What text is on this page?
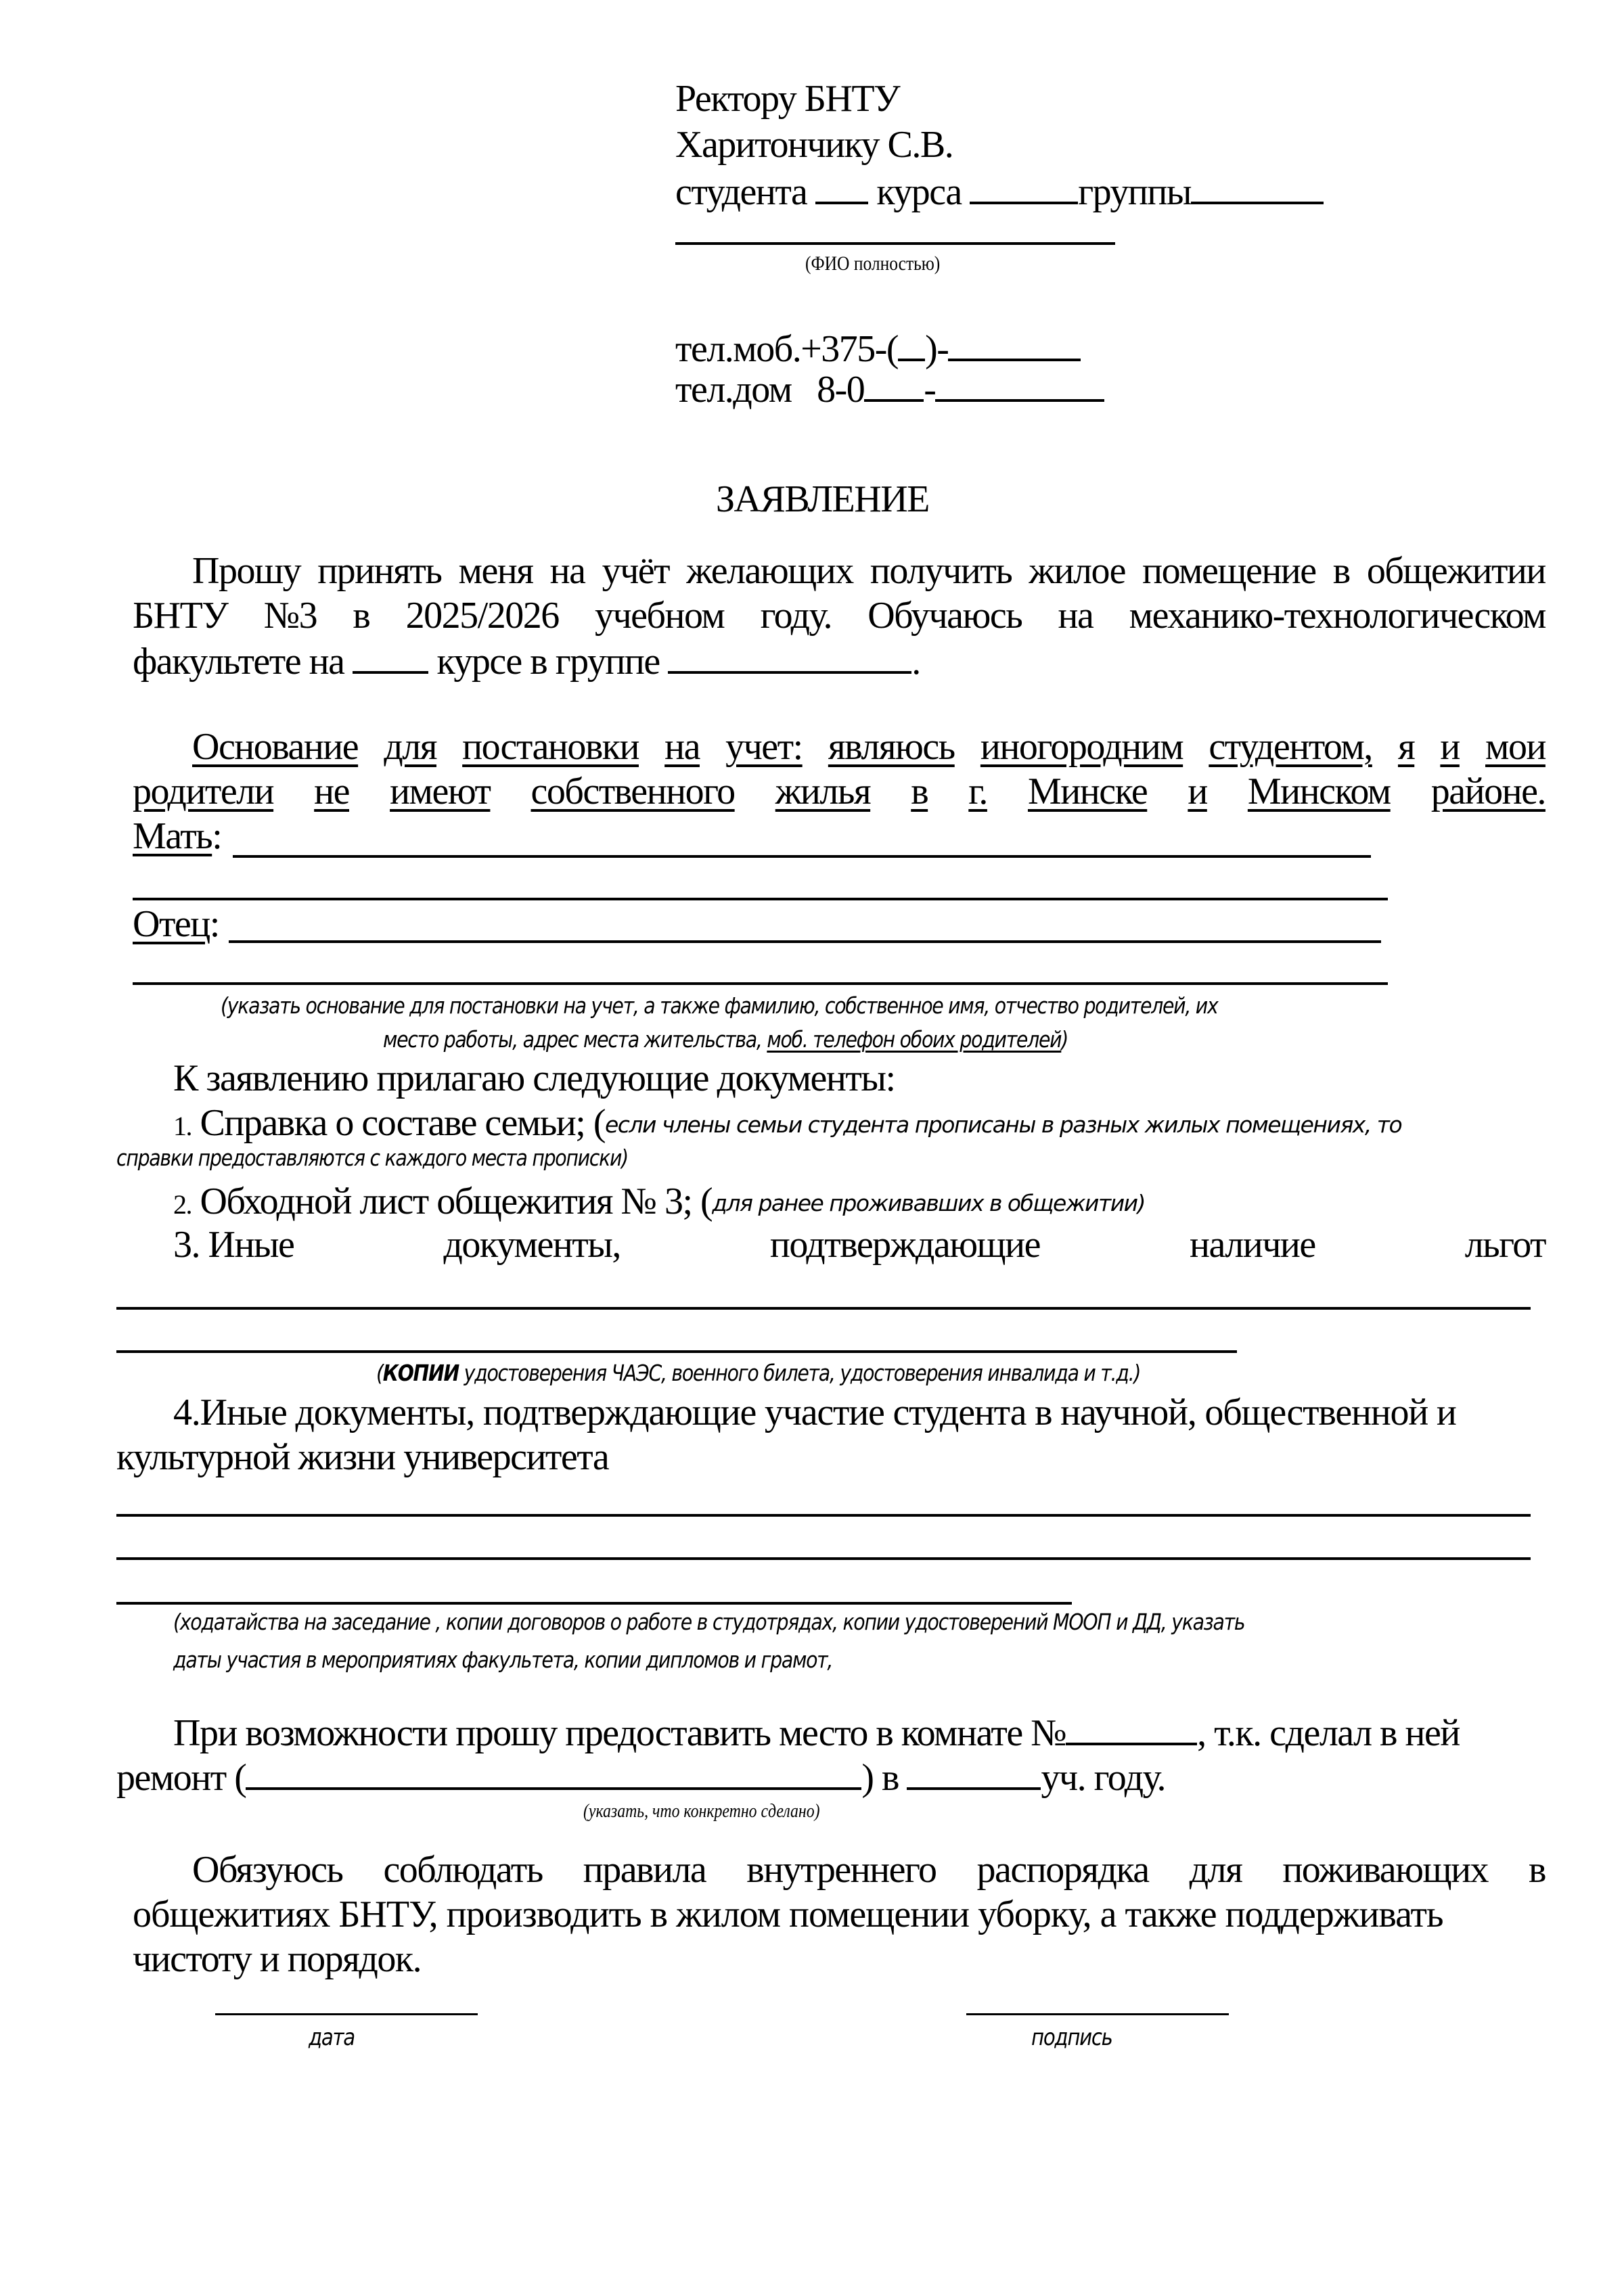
Ректору БНТУ
Харитончику С.В.
студента курса	группы
(ФИО полностью)
тел.моб.+375-( )-
тел.дом 8-0 -
ЗАЯВЛЕНИЕ
Прошу принять меня на учёт желающих получить жилое помещение в общежитии
БНТУ №3 в 2025/2026 учебном году. Обучаюсь на механико-технологическом
факультете на курсе в группе	.
Основание для постановки на учет: являюсь иногородним студентом, я и мои
родители не имеют собственного жилья в г. Минске и Минском районе.
Мать:
Отец:
(указать основание для постановки на учет, а также фамилию, собственное имя, отчество родителей, их
место работы, адрес места жительства, моб. телефон обоих родителей)
К заявлению прилагаю следующие документы:
1. Справка о составе семьи; (если члены семьи студента прописаны в разных жилых помещениях, то
справки предоставляются с каждого места прописки)
2. Обходной лист общежития № 3; (для ранее проживавших в общежитии)
3. Иные	документы,	подтверждающие	наличие	льгот
(КОПИИ удостоверения ЧАЭС, военного билета, удостоверения инвалида и т.д.)
4.Иные документы, подтверждающие участие студента в научной, общественной и
культурной жизни университета
(ходатайства на заседание , копии договоров о работе в студотрядах, копии удостоверений МООП и ДД, указать
даты участия в мероприятиях факультета, копии дипломов и грамот,
При возможности прошу предоставить место в комнате №	, т.к. сделал в ней
ремонт (	) в	уч. году.
(указать, что конкретно сделано)
Обязуюсь соблюдать правила внутреннего распорядка для поживающих в
общежитиях БНТУ, производить в жилом помещении уборку, а также поддерживать
чистоту и порядок.
дата	подпись
